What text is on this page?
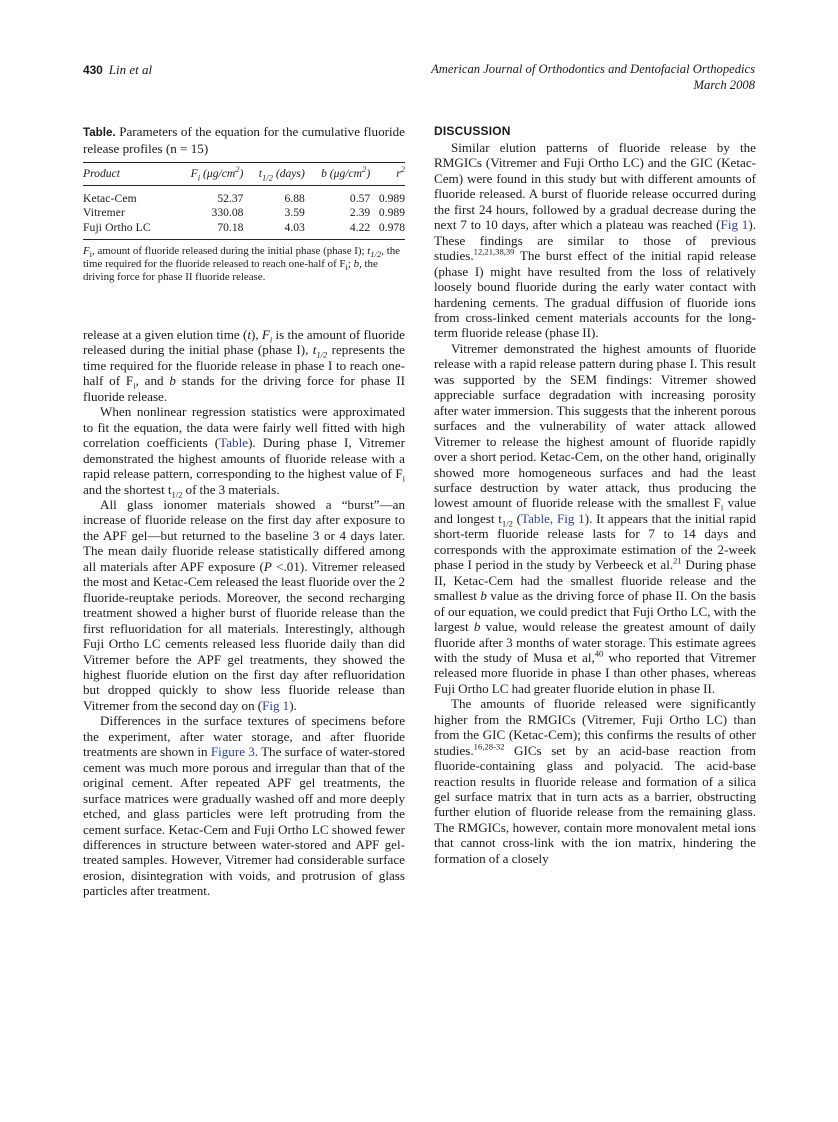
430 Lin et al	American Journal of Orthodontics and Dentofacial Orthopedics
March 2008
Table. Parameters of the equation for the cumulative fluoride release profiles (n = 15)
Product	$F_i$ $(\mu g/cm^2)$	$t_{1/2}$ (days)	b $(\mu g/cm^2)$	$r^2$
Ketac-Cem	52.37	6.88	0.57	0.989
Vitremer	330.08	3.59	2.39	0.989
Fuji Ortho LC	70.18	4.03	4.22	0.978
$F_i$, amount of fluoride released during the initial phase (phase I); $t_{1/2}$, the time required for the fluoride released to reach one-half of $F_i$; b, the driving force for phase II fluoride release.

release at a given elution time (t), $F_i$ is the amount of fluoride released during the initial phase (phase I), $t_{1/2}$ represents the time required for the fluoride release in phase I to reach one-half of $F_i$, and b stands for the driving force for phase II fluoride release.

When nonlinear regression statistics were approximated to fit the equation, the data were fairly well fitted with high correlation coefficients (Table). During phase I, Vitremer demonstrated the highest amounts of fluoride release with a rapid release pattern, corresponding to the highest value of $F_i$ and the shortest $t_{1/2}$ of the 3 materials.

All glass ionomer materials showed a “burst”—an increase of fluoride release on the first day after exposure to the APF gel—but returned to the baseline 3 or 4 days later. The mean daily fluoride release statistically differed among all materials after APF exposure (P <.01). Vitremer released the most and Ketac-Cem released the least fluoride over the 2 fluoride-reuptake periods. Moreover, the second recharging treatment showed a higher burst of fluoride release than the first refluoridation for all materials. Interestingly, although Fuji Ortho LC cements released less fluoride daily than did Vitremer before the APF gel treatments, they showed the highest fluoride elution on the first day after refluoridation but dropped quickly to show less fluoride release than Vitremer from the second day on (Fig 1).

Differences in the surface textures of specimens before the experiment, after water storage, and after fluoride treatments are shown in Figure 3. The surface of water-stored cement was much more porous and irregular than that of the original cement. After repeated APF gel treatments, the surface matrices were gradually washed off and more deeply etched, and glass particles were left protruding from the cement surface. Ketac-Cem and Fuji Ortho LC showed fewer differences in structure between water-stored and APF gel-treated samples. However, Vitremer had considerable surface erosion, disintegration with voids, and protrusion of glass particles after treatment.

DISCUSSION

Similar elution patterns of fluoride release by the RMGICs (Vitremer and Fuji Ortho LC) and the GIC (Ketac-Cem) were found in this study but with different amounts of fluoride released. A burst of fluoride release occurred during the first 24 hours, followed by a gradual decrease during the next 7 to 10 days, after which a plateau was reached (Fig 1). These findings are similar to those of previous studies.$^{12,21,38,39}$ The burst effect of the initial rapid release (phase I) might have resulted from the loss of relatively loosely bound fluoride during the early water contact with hardening cements. The gradual diffusion of fluoride ions from cross-linked cement materials accounts for the long-term fluoride release (phase II).

Vitremer demonstrated the highest amounts of fluoride release with a rapid release pattern during phase I. This result was supported by the SEM findings: Vitremer showed appreciable surface degradation with increasing porosity after water immersion. This suggests that the inherent porous surfaces and the vulnerability of water attack allowed Vitremer to release the highest amount of fluoride rapidly over a short period. Ketac-Cem, on the other hand, originally showed more homogeneous surfaces and had the least surface destruction by water attack, thus producing the lowest amount of fluoride release with the smallest $F_i$ value and longest $t_{1/2}$ (Table, Fig 1). It appears that the initial rapid short-term fluoride release lasts for 7 to 14 days and corresponds with the approximate estimation of the 2-week phase I period in the study by Verbeeck et al.$^{21}$ During phase II, Ketac-Cem had the smallest fluoride release and the smallest b value as the driving force of phase II. On the basis of our equation, we could predict that Fuji Ortho LC, with the largest b value, would release the greatest amount of daily fluoride after 3 months of water storage. This estimate agrees with the study of Musa et al,$^{40}$ who reported that Vitremer released more fluoride in phase I than other phases, whereas Fuji Ortho LC had greater fluoride elution in phase II.

The amounts of fluoride released were significantly higher from the RMGICs (Vitremer, Fuji Ortho LC) than from the GIC (Ketac-Cem); this confirms the results of other studies.$^{16,28-32}$ GICs set by an acid-base reaction from fluoride-containing glass and polyacid. The acid-base reaction results in fluoride release and formation of a silica gel surface matrix that in turn acts as a barrier, obstructing further elution of fluoride release from the remaining glass. The RMGICs, however, contain more monovalent metal ions that cannot cross-link with the ion matrix, hindering the formation of a closely
